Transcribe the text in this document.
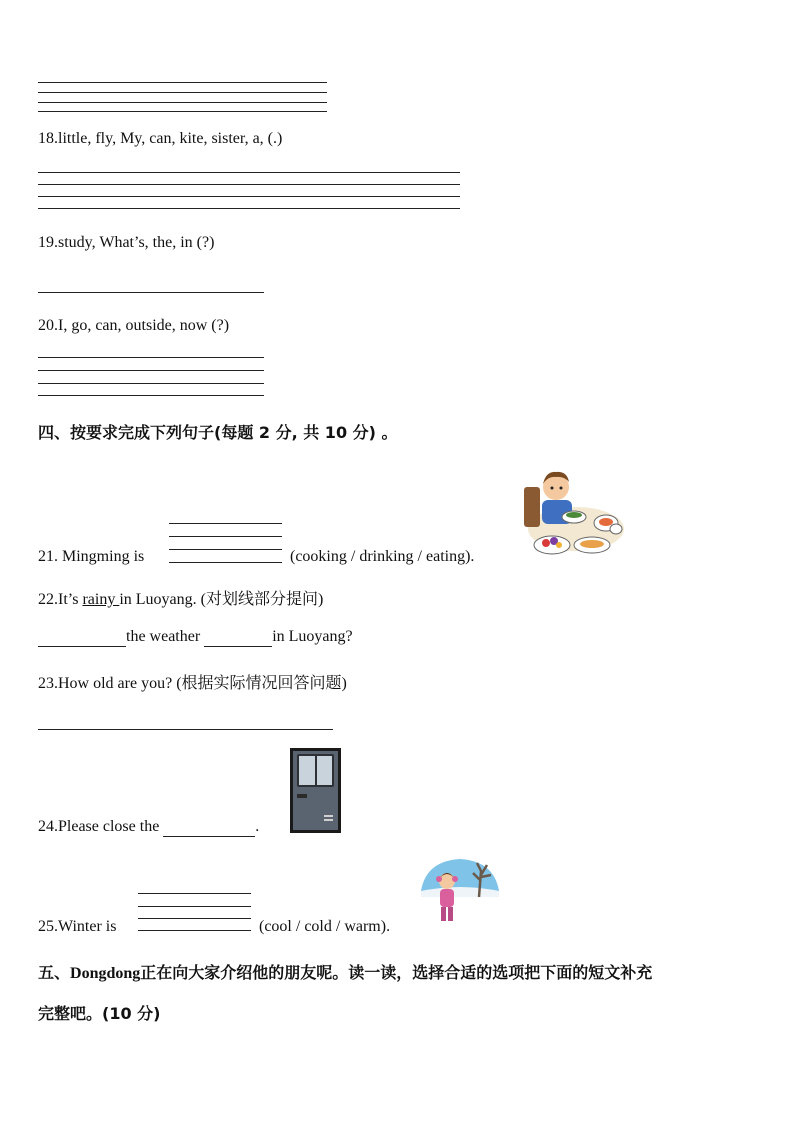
18.little, fly, My, can, kite, sister, a, (.)
19.study, What’s, the, in (?)
20.I, go, can, outside, now (?)
四、按要求完成下列句子(每题 2 分, 共 10 分) 。
21. Mingming is	(cooking / drinking / eating).
22.It’s rainy in Luoyang. (对划线部分提问)
the weather	in Luoyang?
23.How old are you? (根据实际情况回答问题)
24.Please close the	.
25.Winter is	(cool / cold / warm).
五、Dongdong正在向大家介绍他的朋友呢。读一读，选择合适的选项把下面的短文补充
完整吧。(10 分)
